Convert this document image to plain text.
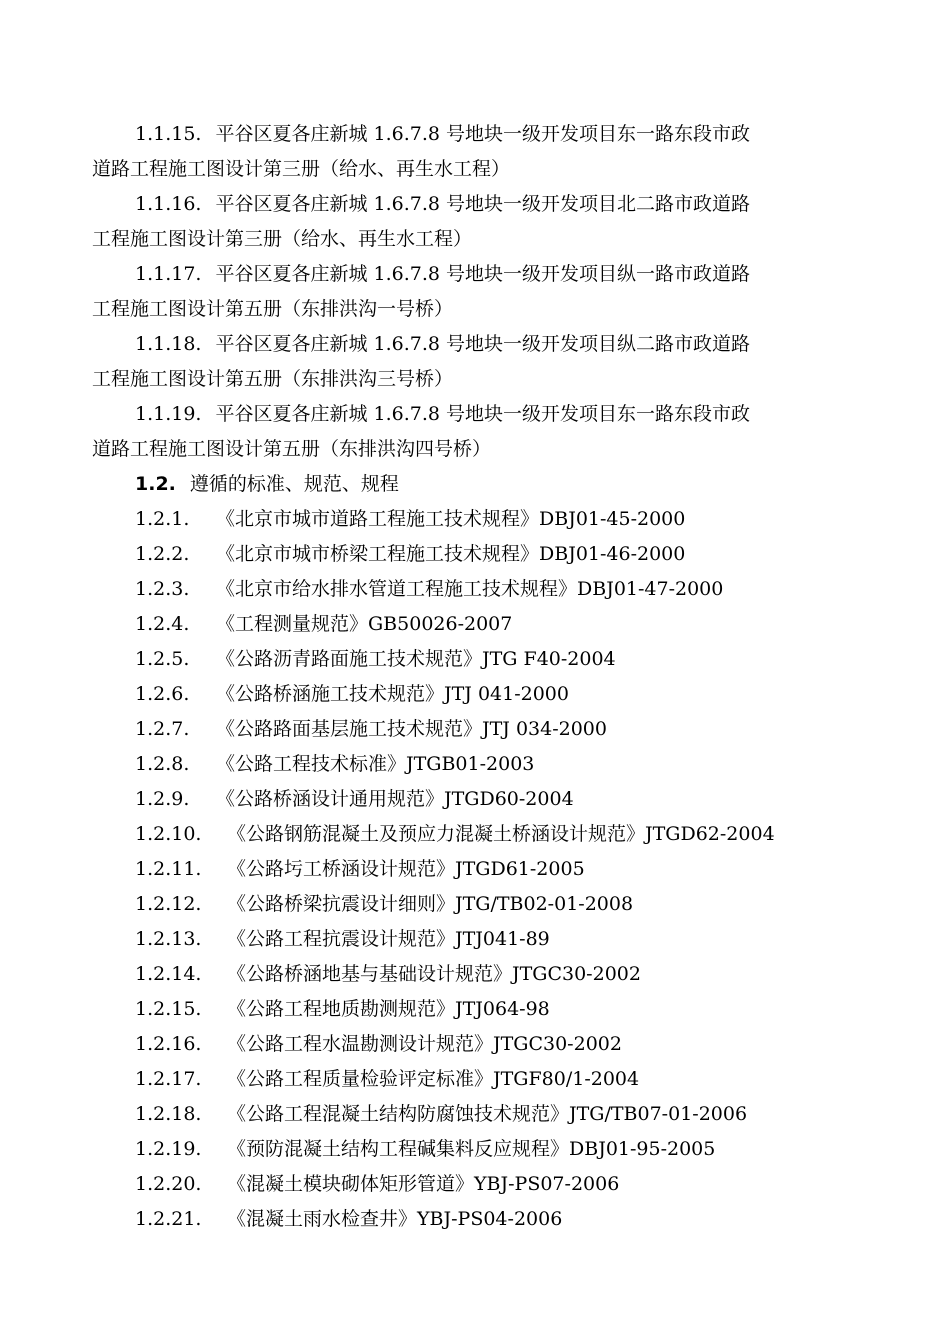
1.1.15. 平谷区夏各庄新城 1.6.7.8 号地块一级开发项目东一路东段市政
道路工程施工图设计第三册（给水、再生水工程）
1.1.16. 平谷区夏各庄新城 1.6.7.8 号地块一级开发项目北二路市政道路
工程施工图设计第三册（给水、再生水工程）
1.1.17. 平谷区夏各庄新城 1.6.7.8 号地块一级开发项目纵一路市政道路
工程施工图设计第五册（东排洪沟一号桥）
1.1.18. 平谷区夏各庄新城 1.6.7.8 号地块一级开发项目纵二路市政道路
工程施工图设计第五册（东排洪沟三号桥）
1.1.19. 平谷区夏各庄新城 1.6.7.8 号地块一级开发项目东一路东段市政
道路工程施工图设计第五册（东排洪沟四号桥）
1.2. 遵循的标准、规范、规程
1.2.1. 《北京市城市道路工程施工技术规程》DBJ01-45-2000
1.2.2. 《北京市城市桥梁工程施工技术规程》DBJ01-46-2000
1.2.3. 《北京市给水排水管道工程施工技术规程》DBJ01-47-2000
1.2.4. 《工程测量规范》GB50026-2007
1.2.5. 《公路沥青路面施工技术规范》JTG F40-2004
1.2.6. 《公路桥涵施工技术规范》JTJ 041-2000
1.2.7. 《公路路面基层施工技术规范》JTJ 034-2000
1.2.8. 《公路工程技术标准》JTGB01-2003
1.2.9. 《公路桥涵设计通用规范》JTGD60-2004
1.2.10. 《公路钢筋混凝土及预应力混凝土桥涵设计规范》JTGD62-2004
1.2.11. 《公路圬工桥涵设计规范》JTGD61-2005
1.2.12. 《公路桥梁抗震设计细则》JTG/TB02-01-2008
1.2.13. 《公路工程抗震设计规范》JTJ041-89
1.2.14. 《公路桥涵地基与基础设计规范》JTGC30-2002
1.2.15. 《公路工程地质勘测规范》JTJ064-98
1.2.16. 《公路工程水温勘测设计规范》JTGC30-2002
1.2.17. 《公路工程质量检验评定标准》JTGF80/1-2004
1.2.18. 《公路工程混凝土结构防腐蚀技术规范》JTG/TB07-01-2006
1.2.19. 《预防混凝土结构工程碱集料反应规程》DBJ01-95-2005
1.2.20. 《混凝土模块砌体矩形管道》YBJ-PS07-2006
1.2.21. 《混凝土雨水检查井》YBJ-PS04-2006
